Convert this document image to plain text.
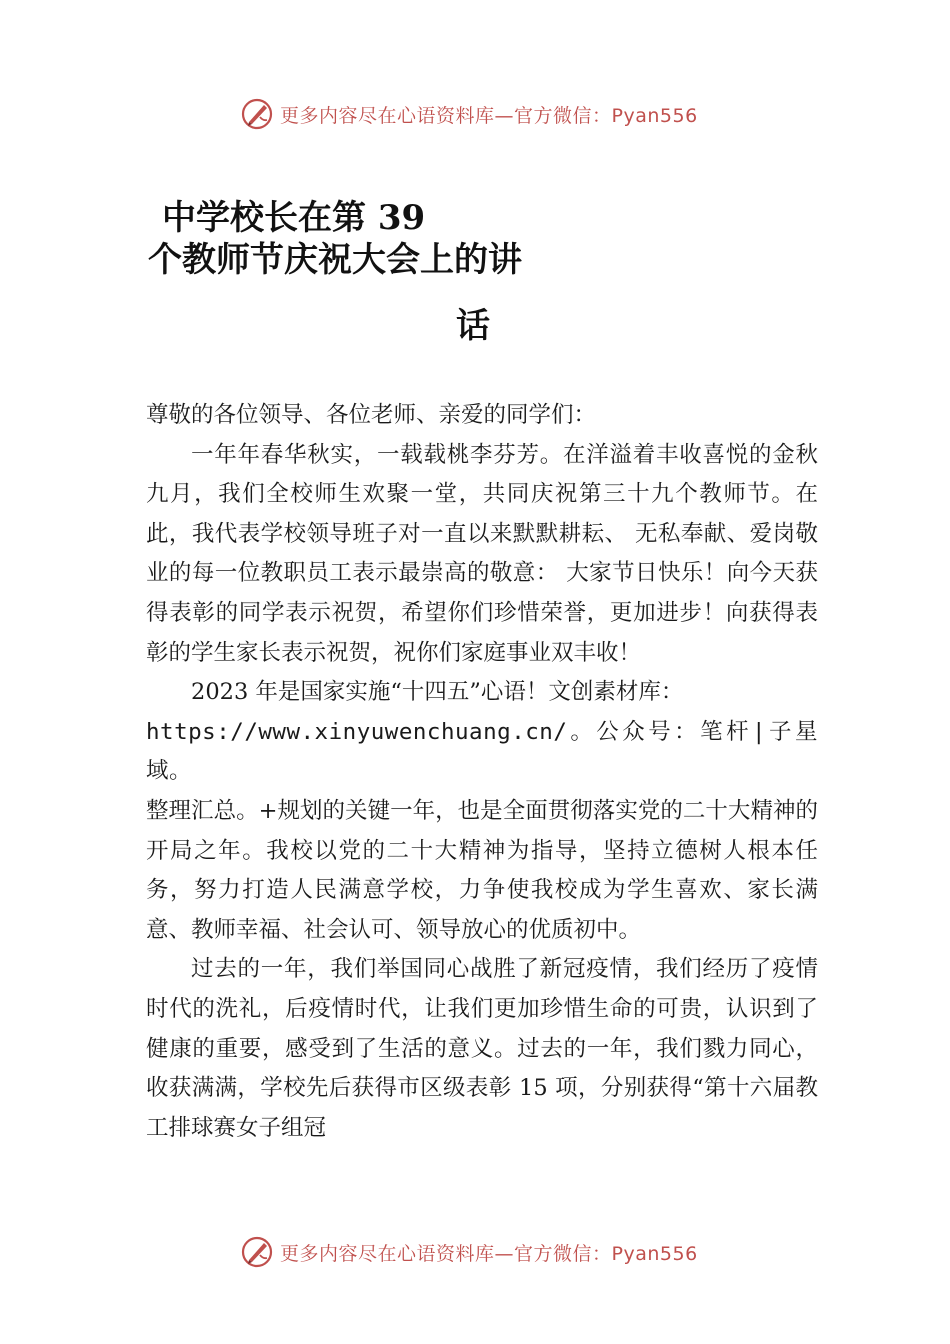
更多内容尽在心语资料库—官方微信：Pyan556
中学校长在第 39
个教师节庆祝大会上的讲
话

尊敬的各位领导、各位老师、亲爱的同学们：

一年年春华秋实，一载载桃李芬芳。在洋溢着丰收喜悦的金秋九月，我们全校师生欢聚一堂，共同庆祝第三十九个教师节。在此，我代表学校领导班子对一直以来默默耕耘、 无私奉献、爱岗敬业的每一位教职员工表示最崇高的敬意： 大家节日快乐！向今天获得表彰的同学表示祝贺，希望你们珍惜荣誉，更加进步！向获得表彰的学生家长表示祝贺，祝你们家庭事业双丰收！

2023 年是国家实施“十四五”心语！文创素材库：

https://www.xinyuwenchuang.cn/。公众号：笔杆|子星域。

整理汇总。+规划的关键一年，也是全面贯彻落实党的二十大精神的开局之年。我校以党的二十大精神为指导，坚持立德树人根本任务，努力打造人民满意学校，力争使我校成为学生喜欢、家长满意、教师幸福、社会认可、领导放心的优质初中。

过去的一年，我们举国同心战胜了新冠疫情，我们经历了疫情时代的洗礼，后疫情时代，让我们更加珍惜生命的可贵，认识到了健康的重要，感受到了生活的意义。过去的一年，我们戮力同心，收获满满，学校先后获得市区级表彰 15 项，分别获得“第十六届教工排球赛女子组冠

更多内容尽在心语资料库—官方微信：Pyan556
